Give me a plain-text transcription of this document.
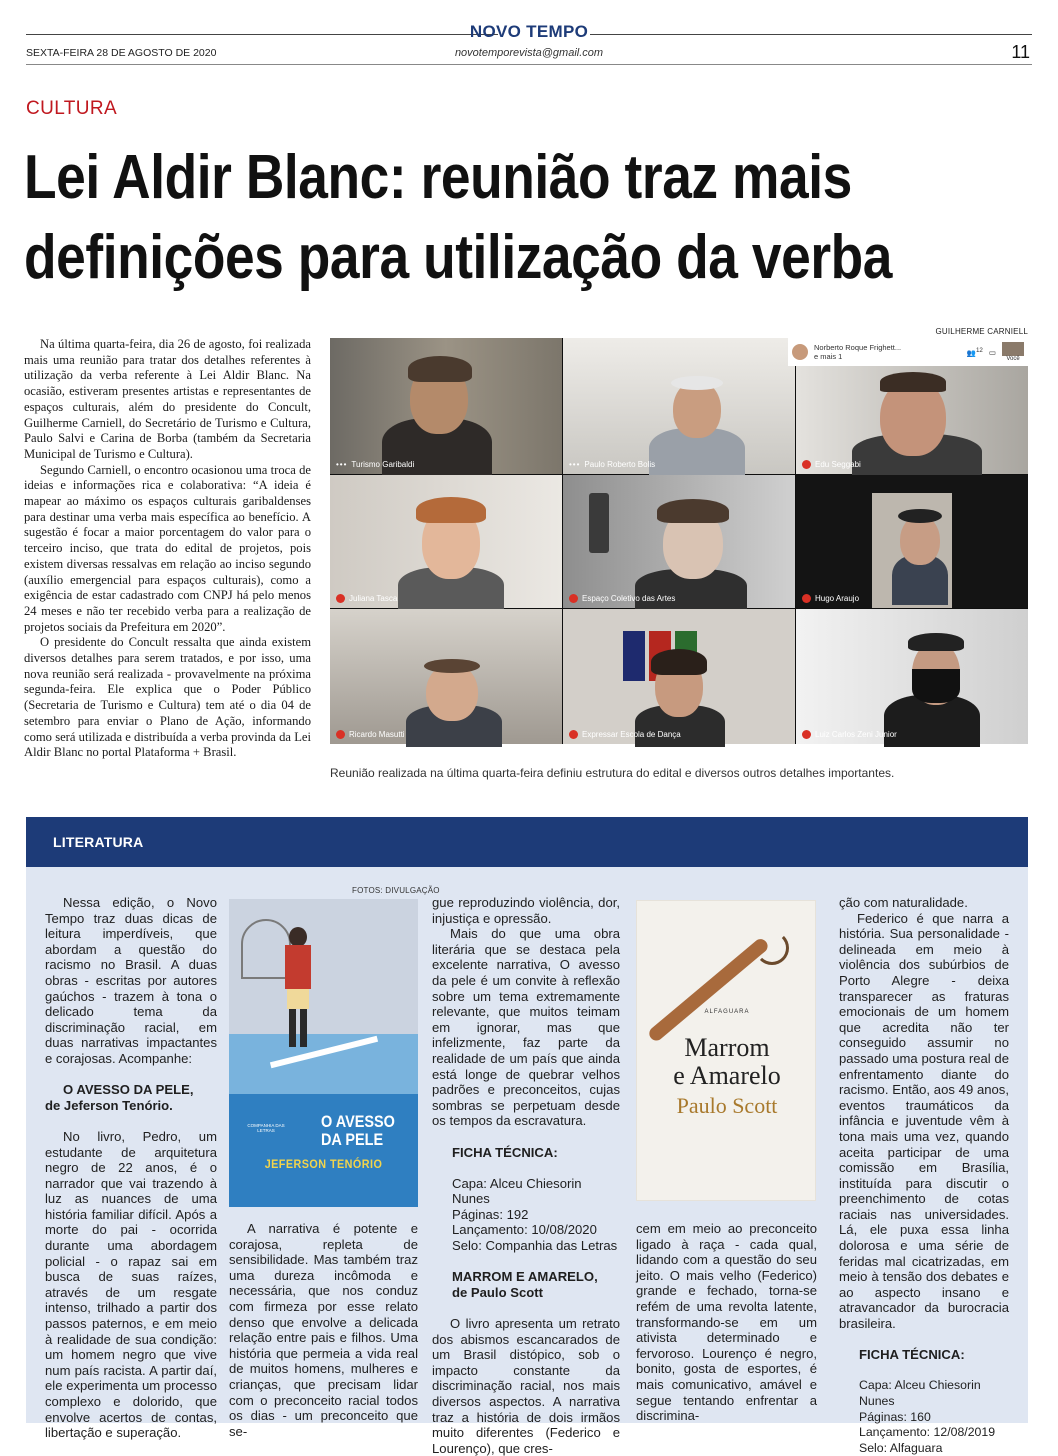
NOVO TEMPO
SEXTA-FEIRA 28 DE AGOSTO DE 2020	novotemporevista@gmail.com	11
CULTURA
Lei Aldir Blanc: reunião traz mais
definições para utilização da verba

Na última quarta-feira, dia 26 de agosto, foi realizada mais uma reunião para tratar dos detalhes referentes à utilização da verba referente à Lei Aldir Blanc. Na ocasião, estiveram presentes artistas e representantes de espaços culturais, além do presidente do Concult, Guilherme Carniell, do Secretário de Turismo e Cultura, Paulo Salvi e Carina de Borba (também da Secretaria Municipal de Turismo e Cultura).

Segundo Carniell, o encontro ocasionou uma troca de ideias e informações rica e colaborativa: “A ideia é mapear ao máximo os espaços culturais garibaldenses para destinar uma verba mais específica ao benefício. A sugestão é focar a maior porcentagem do valor para o terceiro inciso, que trata do edital de projetos, pois existem diversas ressalvas em relação ao inciso segundo (auxílio emergencial para espaços culturais), como a exigência de estar cadastrado com CNPJ há pelo menos 24 meses e não ter recebido verba para a realização de projetos sociais da Prefeitura em 2020”.

O presidente do Concult ressalta que ainda existem diversos detalhes para serem tratados, e por isso, uma nova reunião será realizada - provavelmente na próxima segunda-feira. Ele explica que o Poder Público (Secretaria de Turismo e Cultura) tem até o dia 04 de setembro para enviar o Plano de Ação, informando como será utilizada e distribuída a verba provinda da Lei Aldir Blanc no portal Plataforma + Brasil.

GUILHERME CARNIELL
••• Turismo Garibaldi	••• Paulo Roberto Bolis	Edu Seggabi
Norberto Roque Frighett...
e mais 1	👥$^{12}$ ▭
Você
Juliana Tasca	Espaço Coletivo das Artes	Hugo Araujo
Ricardo Masutti	Expressar Escola de Dança	Luiz Carlos Zeni Junior
Reunião realizada na última quarta-feira definiu estrutura do edital e diversos outros detalhes importantes.
LITERATURA

Nessa edição, o Novo Tempo traz duas dicas de leitura imperdíveis, que abordam a questão do racismo no Brasil. A duas obras - escritas por autores gaúchos - trazem à tona o delicado tema da discriminação racial, em duas narrativas impactantes e corajosas. Acompanhe:

O AVESSO DA PELE,

de Jeferson Tenório.

No livro, Pedro, um estudante de arquitetura negro de 22 anos, é o narrador que vai trazendo à luz as nuances de uma história familiar difícil. Após a morte do pai - ocorrida durante uma abordagem policial - o rapaz sai em busca de suas raízes, através de um resgate intenso, trilhado a partir dos passos paternos, e em meio à realidade de sua condição: um homem negro que vive num país racista. A partir daí, ele experimenta um processo complexo e dolorido, que envolve acertos de contas, libertação e superação.

FOTOS: DIVULGAÇÃO
O AVESSO
DA PELE
COMPANHIA DAS LETRAS
JEFERSON TENÓRIO

A narrativa é potente e corajosa, repleta de sensibilidade. Mas também traz uma dureza incômoda e necessária, que nos conduz com firmeza por esse relato denso que envolve a delicada relação entre pais e filhos. Uma história que permeia a vida real de muitos homens, mulheres e crianças, que precisam lidar com o preconceito racial todos os dias - um preconceito que se-

gue reproduzindo violência, dor, injustiça e opressão.

Mais do que uma obra literária que se destaca pela excelente narrativa, O avesso da pele é um convite à reflexão sobre um tema extremamente relevante, que muitos teimam em ignorar, mas que infelizmente, faz parte da realidade de um país que ainda está longe de quebrar velhos padrões e preconceitos, cujas sombras se perpetuam desde os tempos da escravatura.

FICHA TÉCNICA:

Capa: Alceu Chiesorin Nunes
Páginas: 192
Lançamento: 10/08/2020
Selo: Companhia das Letras

MARROM E AMARELO,

de Paulo Scott

O livro apresenta um retrato dos abismos escancarados de um Brasil distópico, sob o impacto constante da discriminação racial, nos mais diversos aspectos. A narrativa traz a história de dois irmãos muito diferentes (Federico e Lourenço), que cres-

ALFAGUARA
Marrom
e Amarelo
Paulo Scott

cem em meio ao preconceito ligado à raça - cada qual, lidando com a questão do seu jeito. O mais velho (Federico) grande e fechado, torna-se refém de uma revolta latente, transformando-se em um ativista determinado e fervoroso. Lourenço é negro, bonito, gosta de esportes, é mais comunicativo, amável e segue tentando enfrentar a discrimina-

ção com naturalidade.

Federico é que narra a história. Sua personalidade - delineada em meio à violência dos subúrbios de Porto Alegre - deixa transparecer as fraturas emocionais de um homem que acredita não ter conseguido assumir no passado uma postura real de enfrentamento diante do racismo. Então, aos 49 anos, eventos traumáticos da infância e juventude vêm à tona mais uma vez, quando aceita participar de uma comissão em Brasília, instituída para discutir o preenchimento de cotas raciais nas universidades. Lá, ele puxa essa linha dolorosa e uma série de feridas mal cicatrizadas, em meio à tensão dos debates e ao aspecto insano e atravancador da burocracia brasileira.

FICHA TÉCNICA:

Capa: Alceu Chiesorin Nunes
Páginas: 160
Lançamento: 12/08/2019
Selo: Alfaguara
